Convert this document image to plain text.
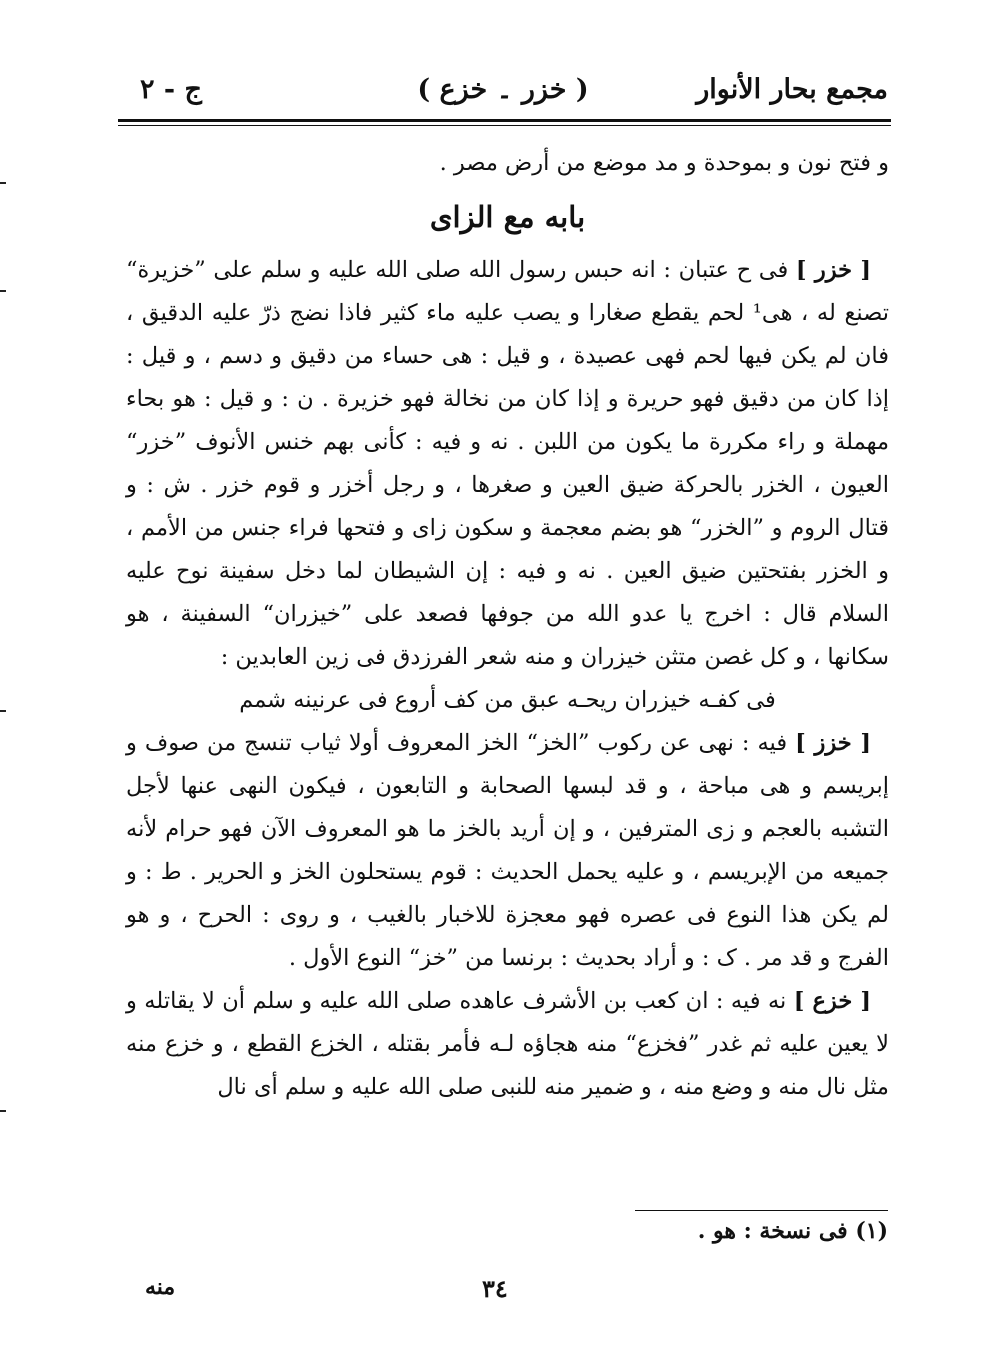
مجمع بحار الأنوار
( خزر ۔ خزع )
ج - ٢

و فتح نون و بموحدة و مد موضع من أرض مصر .

بابه مع الزای

[ خزر ] فی ح عتبان : انه حبس رسول الله صلی الله علیه و سلم علی ”خزیرة“ تصنع له ، هی¹ لحم یقطع صغارا و یصب علیه ماء کثیر فاذا نضج ذرّ علیه الدقیق ، فان لم یکن فیها لحم فهی عصیدة ، و قیل : هی حساء من دقیق و دسم ، و قیل : إذا کان من دقیق فهو حریرة و إذا کان من نخالة فهو خزیرة . ن : و قیل : هو بحاء مهملة و راء مکررة ما یکون من اللبن . نه و فیه : کأنی بهم خنس الأنوف ”خزر“ العیون ، الخزر بالحرکة ضیق العین و صغرها ، و رجل أخزر و قوم خزر . ش : و قتال الروم و ”الخزر“ هو بضم معجمة و سکون زای و فتحها فراء جنس من الأمم ، و الخزر بفتحتین ضیق العین . نه و فیه : إن الشیطان لما دخل سفینة نوح علیه السلام قال : اخرج یا عدو الله من جوفها فصعد علی ”خیزران“ السفینة ، هو سکانها ، و کل غصن متثن خیزران و منه شعر الفرزدق فی زین العابدین :

فی کفـه خیزران ریحـه عبق من کف أروع فی عرنینه شمم

[ خزز ] فیه : نهی عن رکوب ”الخز“ الخز المعروف أولا ثیاب تنسج من صوف و إبریسم و هی مباحة ، و قد لبسها الصحابة و التابعون ، فیکون النهی عنها لأجل التشبه بالعجم و زی المترفین ، و إن أرید بالخز ما هو المعروف الآن فهو حرام لأنه جمیعه من الإبریسم ، و علیه یحمل الحدیث : قوم یستحلون الخز و الحریر . ط : و لم یکن هذا النوع فی عصره فهو معجزة للاخبار بالغیب ، و روی : الحرح ، و هو الفرج و قد مر . ک : و أراد بحدیث : برنسا من ”خز“ النوع الأول .

[ خزع ] نه فیه : ان کعب بن الأشرف عاهده صلی الله علیه و سلم أن لا یقاتله و لا یعین علیه ثم غدر ”فخزع“ منه هجاؤه لـه فأمر بقتله ، الخزع القطع ، و خزع منه مثل نال منه و وضع منه ، و ضمیر منه للنبی صلی الله علیه و سلم أی نال

(١) فی نسخة : هو .
٣٤
منه
